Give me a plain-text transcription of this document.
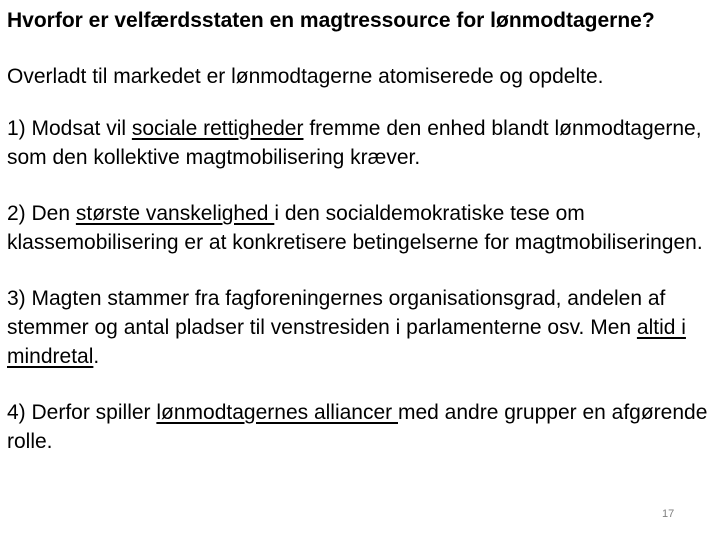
Hvorfor er velfærdsstaten en magtressource for lønmodtagerne?

Overladt til markedet er lønmodtagerne atomiserede og opdelte.

1) Modsat vil sociale rettigheder fremme den enhed blandt lønmodtagerne, som den kollektive magtmobilisering kræver.

2) Den største vanskelighed i den socialdemokratiske tese om klassemobilisering er at konkretisere betingelserne for magtmobiliseringen.

3) Magten stammer fra fagforeningernes organisationsgrad, andelen af stemmer og antal pladser til venstresiden i parlamenterne osv. Men altid i mindretal.

4) Derfor spiller lønmodtagernes alliancer med andre grupper en afgørende rolle.

17
